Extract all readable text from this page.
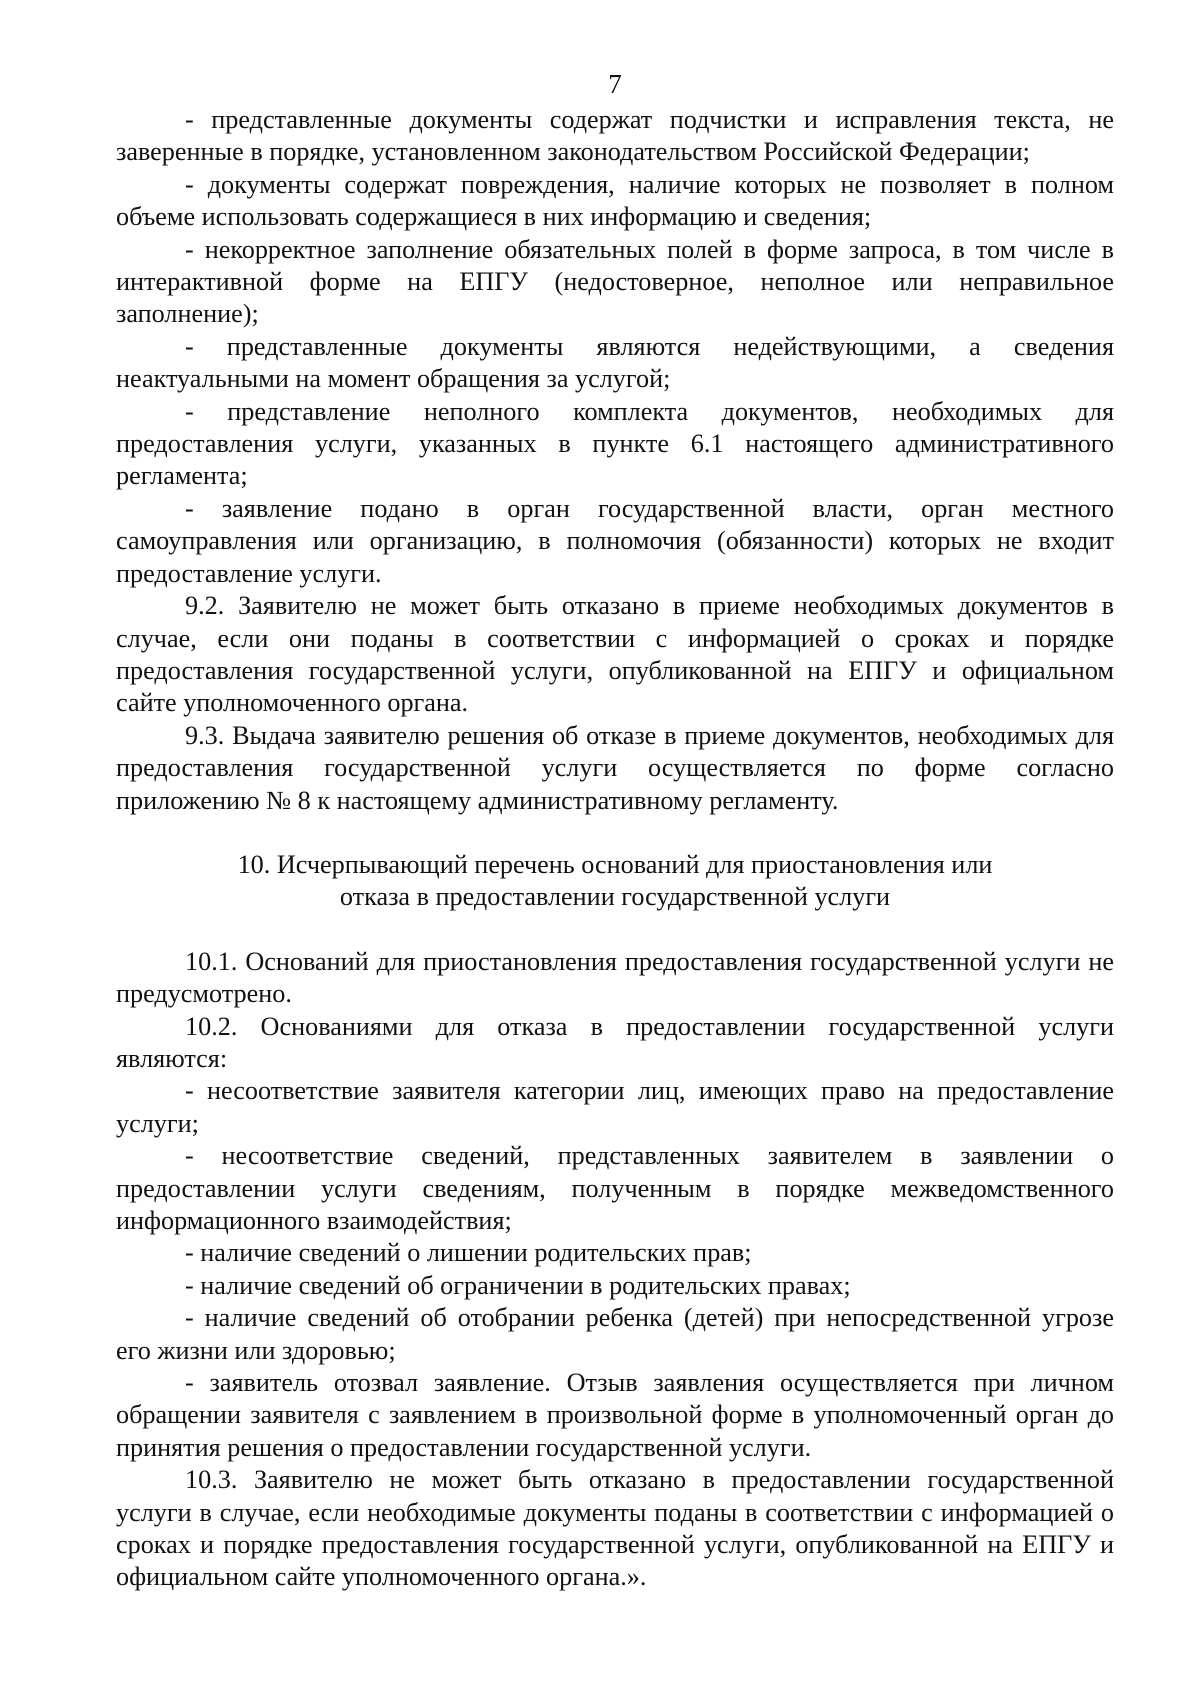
7

- представленные документы содержат подчистки и исправления текста, не заверенные в порядке, установленном законодательством Российской Федерации;

- документы содержат повреждения, наличие которых не позволяет в полном объеме использовать содержащиеся в них информацию и сведения;

- некорректное заполнение обязательных полей в форме запроса, в том числе в интерактивной форме на ЕПГУ (недостоверное, неполное или неправильное заполнение);

- представленные документы являются недействующими, а сведения неактуальными на момент обращения за услугой;

- представление неполного комплекта документов, необходимых для предоставления услуги, указанных в пункте 6.1 настоящего административного регламента;

- заявление подано в орган государственной власти, орган местного самоуправления или организацию, в полномочия (обязанности) которых не входит предоставление услуги.

9.2. Заявителю не может быть отказано в приеме необходимых документов в случае, если они поданы в соответствии с информацией о сроках и порядке предоставления государственной услуги, опубликованной на ЕПГУ и официальном сайте уполномоченного органа.

9.3. Выдача заявителю решения об отказе в приеме документов, необходимых для предоставления государственной услуги осуществляется по форме согласно приложению № 8 к настоящему административному регламенту.

10. Исчерпывающий перечень оснований для приостановления или
отказа в предоставлении государственной услуги

10.1. Оснований для приостановления предоставления государственной услуги не предусмотрено.

10.2. Основаниями для отказа в предоставлении государственной услуги являются:

- несоответствие заявителя категории лиц, имеющих право на предоставление услуги;

- несоответствие сведений, представленных заявителем в заявлении о предоставлении услуги сведениям, полученным в порядке межведомственного информационного взаимодействия;

- наличие сведений о лишении родительских прав;

- наличие сведений об ограничении в родительских правах;

- наличие сведений об отобрании ребенка (детей) при непосредственной угрозе его жизни или здоровью;

- заявитель отозвал заявление. Отзыв заявления осуществляется при личном обращении заявителя с заявлением в произвольной форме в уполномоченный орган до принятия решения о предоставлении государственной услуги.

10.3. Заявителю не может быть отказано в предоставлении государственной услуги в случае, если необходимые документы поданы в соответствии с информацией о сроках и порядке предоставления государственной услуги, опубликованной на ЕПГУ и официальном сайте уполномоченного органа.».
